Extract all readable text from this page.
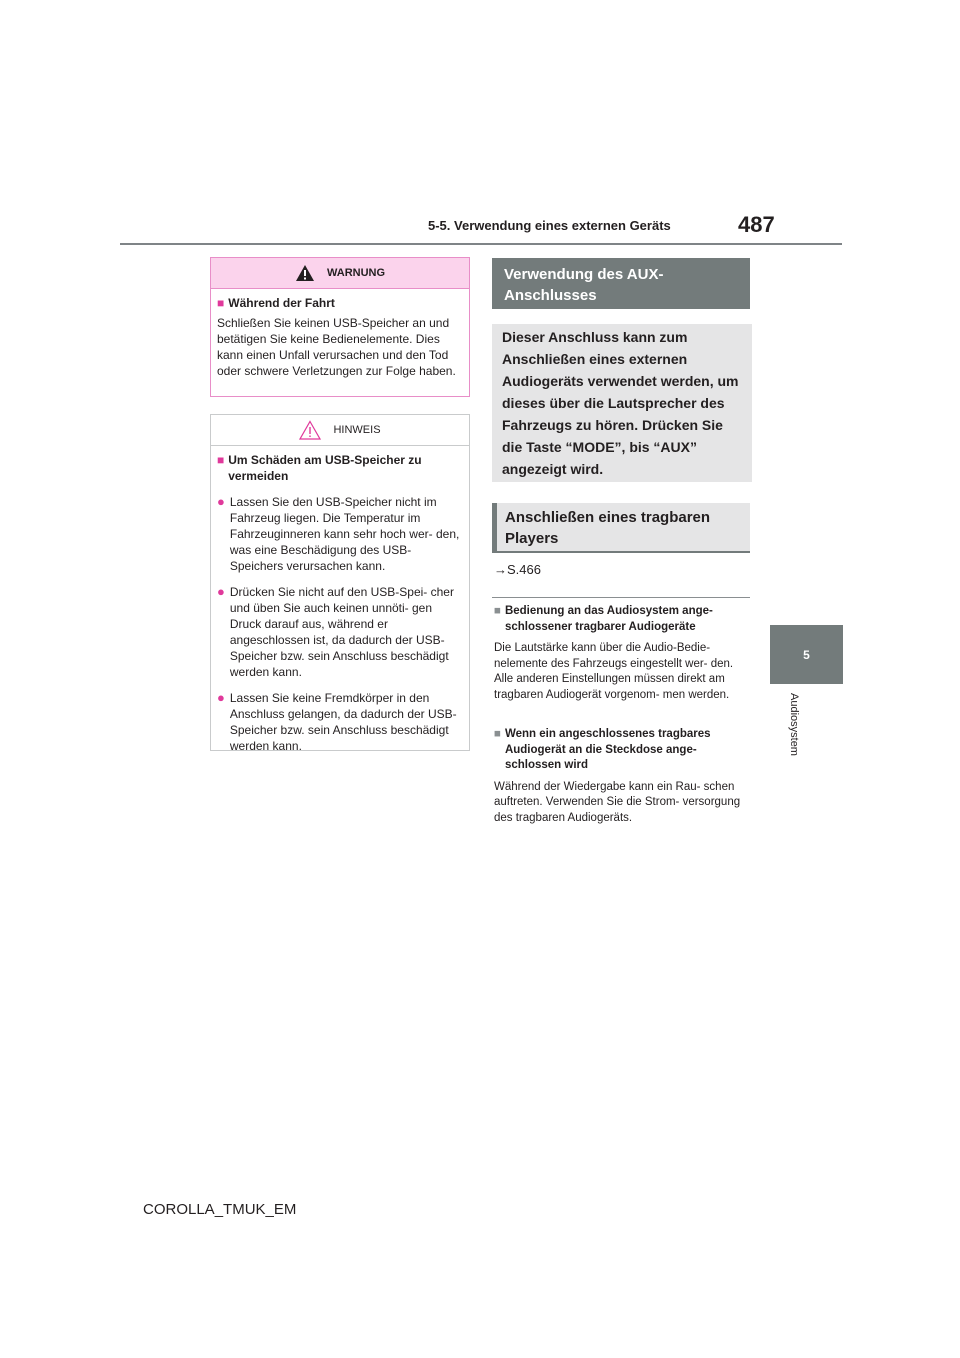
5-5. Verwendung eines externen Geräts	487
5
Audiosystem
WARNUNG
■ Während der Fahrt
Schließen Sie keinen USB-Speicher an und betätigen Sie keine Bedienelemente. Dies kann einen Unfall verursachen und den Tod oder schwere Verletzungen zur Folge haben.
HINWEIS
■ Um Schäden am USB-Speicher zu vermeiden
● Lassen Sie den USB-Speicher nicht im Fahrzeug liegen. Die Temperatur im Fahrzeuginneren kann sehr hoch wer- den, was eine Beschädigung des USB-Speichers verursachen kann.
● Drücken Sie nicht auf den USB-Spei- cher und üben Sie auch keinen unnöti- gen Druck darauf aus, während er angeschlossen ist, da dadurch der USB-Speicher bzw. sein Anschluss beschädigt werden kann.
● Lassen Sie keine Fremdkörper in den Anschluss gelangen, da dadurch der USB-Speicher bzw. sein Anschluss beschädigt werden kann.
Verwendung des AUX-Anschlusses
Dieser Anschluss kann zum Anschließen eines externen Audiogeräts verwendet werden, um dieses über die Lautsprecher des Fahrzeugs zu hören. Drücken Sie die Taste “MODE”, bis “AUX” angezeigt wird.
Anschließen eines tragbaren Players
→S.466
■ Bedienung an das Audiosystem ange- schlossener tragbarer Audiogeräte
Die Lautstärke kann über die Audio-Bedie- nelemente des Fahrzeugs eingestellt wer- den. Alle anderen Einstellungen müssen direkt am tragbaren Audiogerät vorgenom- men werden.
■ Wenn ein angeschlossenes tragbares Audiogerät an die Steckdose ange- schlossen wird
Während der Wiedergabe kann ein Rau- schen auftreten. Verwenden Sie die Strom- versorgung des tragbaren Audiogeräts.
COROLLA_TMUK_EM
